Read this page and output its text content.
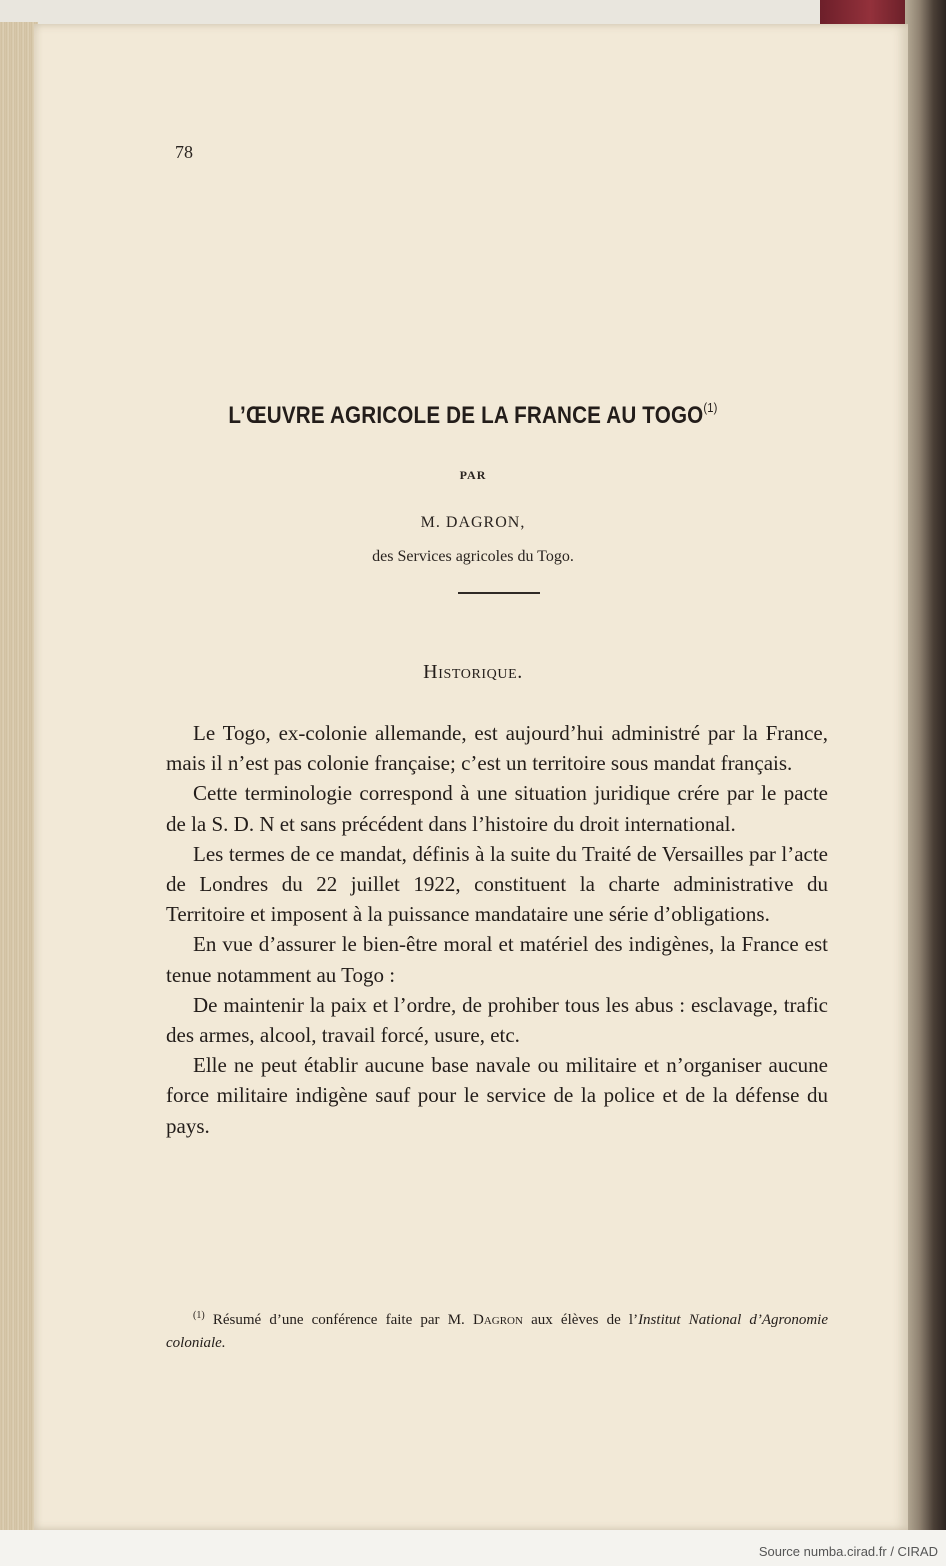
78
L’ŒUVRE AGRICOLE DE LA FRANCE AU TOGO$^{(1)}$
PAR
M. DAGRON,
des Services agricoles du Togo.
Historique.

Le Togo, ex-colonie allemande, est aujourd’hui administré par la France, mais il n’est pas colonie française; c’est un territoire sous mandat français.

Cette terminologie correspond à une situation juridique crére par le pacte de la S. D. N et sans précédent dans l’histoire du droit international.

Les termes de ce mandat, définis à la suite du Traité de Versailles par l’acte de Londres du 22 juillet 1922, constituent la charte administrative du Territoire et imposent à la puissance mandataire une série d’obligations.

En vue d’assurer le bien-être moral et matériel des indigènes, la France est tenue notamment au Togo :

De maintenir la paix et l’ordre, de prohiber tous les abus : esclavage, trafic des armes, alcool, travail forcé, usure, etc.

Elle ne peut établir aucune base navale ou militaire et n’organiser aucune force militaire indigène sauf pour le service de la police et de la défense du pays.

$^{(1)}$ Résumé d’une conférence faite par M. Dagron aux élèves de l’Institut National d’Agronomie coloniale.
Source numba.cirad.fr / CIRAD
